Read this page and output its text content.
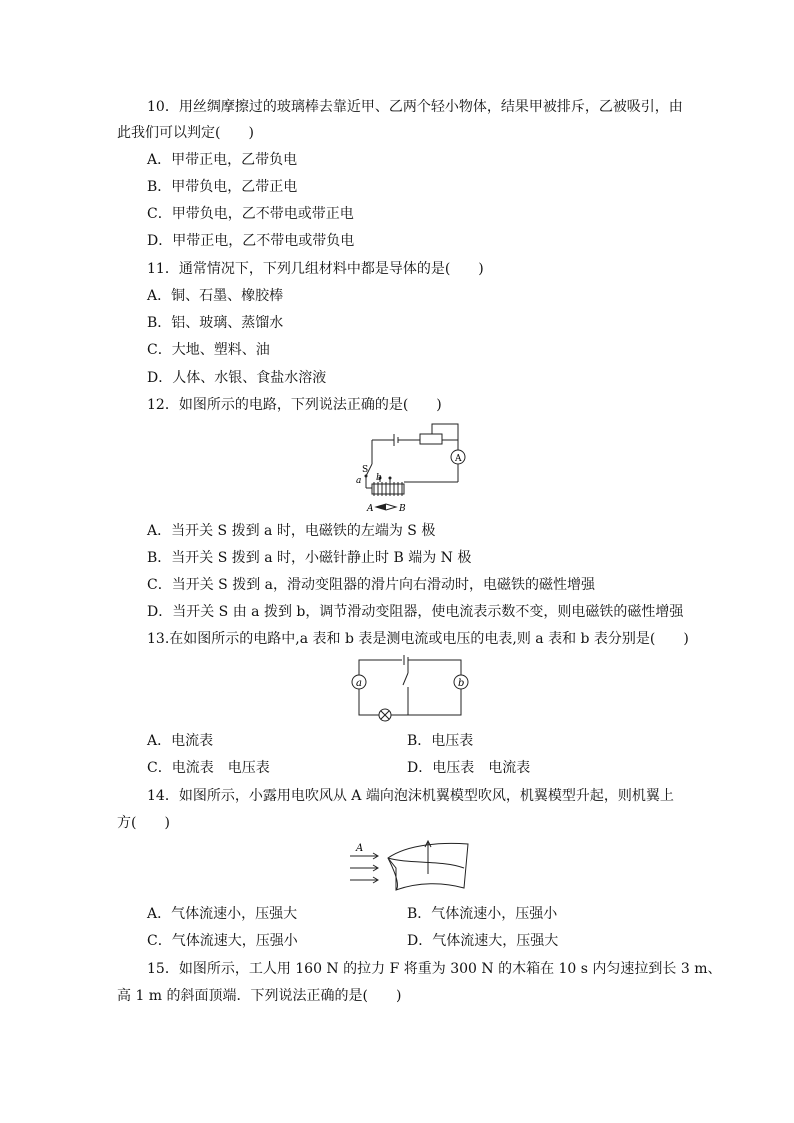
10．用丝绸摩擦过的玻璃棒去靠近甲、乙两个轻小物体，结果甲被排斥，乙被吸引，由
此我们可以判定(　　)
A．甲带正电，乙带负电
B．甲带负电，乙带正电
C．甲带负电，乙不带电或带正电
D．甲带正电，乙不带电或带负电
11．通常情况下，下列几组材料中都是导体的是(　　)
A．铜、石墨、橡胶棒
B．铝、玻璃、蒸馏水
C．大地、塑料、油
D．人体、水银、食盐水溶液
12．如图所示的电路，下列说法正确的是(　　)
A
S
a b
A	B
A．当开关 S 拨到 a 时，电磁铁的左端为 S 极
B．当开关 S 拨到 a 时，小磁针静止时 B 端为 N 极
C．当开关 S 拨到 a，滑动变阻器的滑片向右滑动时，电磁铁的磁性增强
D．当开关 S 由 a 拨到 b，调节滑动变阻器，使电流表示数不变，则电磁铁的磁性增强
13.在如图所示的电路中,a 表和 b 表是测电流或电压的电表,则 a 表和 b 表分别是(　　)
a	b
A．电流表	B．电压表
C．电流表　电压表	D．电压表　电流表
14．如图所示，小露用电吹风从 A 端向泡沫机翼模型吹风，机翼模型升起，则机翼上
方(　　)
A
A．气体流速小，压强大	B．气体流速小，压强小
C．气体流速大，压强小	D．气体流速大，压强大
15．如图所示，工人用 160 N 的拉力 F 将重为 300 N 的木箱在 10 s 内匀速拉到长 3 m、
高 1 m 的斜面顶端．下列说法正确的是(　　)
